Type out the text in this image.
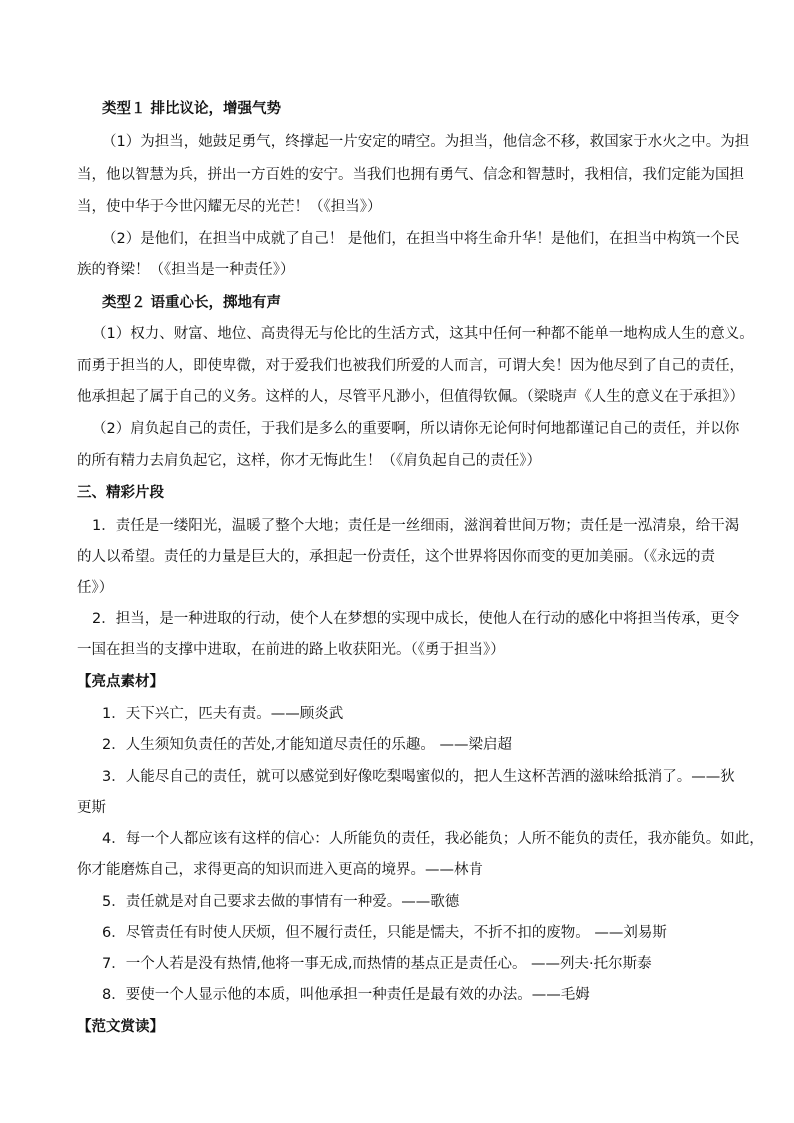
类型１ 排比议论，增强气势
（1）为担当，她鼓足勇气，终撑起一片安定的晴空。为担当，他信念不移，救国家于水火之中。为担
当，他以智慧为兵，拼出一方百姓的安宁。当我们也拥有勇气、信念和智慧时，我相信，我们定能为国担
当，使中华于今世闪耀无尽的光芒！（《担当》）
（2）是他们，在担当中成就了自己！ 是他们，在担当中将生命升华！是他们，在担当中构筑一个民
族的脊梁！（《担当是一种责任》）
类型２ 语重心长，掷地有声
（1）权力、财富、地位、高贵得无与伦比的生活方式，这其中任何一种都不能单一地构成人生的意义。
而勇于担当的人，即使卑微，对于爱我们也被我们所爱的人而言，可谓大矣！因为他尽到了自己的责任，
他承担起了属于自己的义务。这样的人，尽管平凡渺小，但值得钦佩。（梁晓声《人生的意义在于承担》）
（2）肩负起自己的责任，于我们是多么的重要啊，所以请你无论何时何地都谨记自己的责任，并以你
的所有精力去肩负起它，这样，你才无悔此生！（《肩负起自己的责任》）
三、精彩片段
1．责任是一缕阳光，温暖了整个大地；责任是一丝细雨，滋润着世间万物；责任是一泓清泉，给干渴
的人以希望。责任的力量是巨大的，承担起一份责任，这个世界将因你而变的更加美丽。（《永远的责
任》）
2．担当，是一种进取的行动，使个人在梦想的实现中成长，使他人在行动的感化中将担当传承，更令
一国在担当的支撑中进取，在前进的路上收获阳光。（《勇于担当》）
【亮点素材】
1．天下兴亡，匹夫有责。——顾炎武
2．人生须知负责任的苦处,才能知道尽责任的乐趣。 ——梁启超
3．人能尽自己的责任，就可以感觉到好像吃梨喝蜜似的，把人生这杯苦酒的滋味给抵消了。——狄
更斯
4．每一个人都应该有这样的信心：人所能负的责任，我必能负；人所不能负的责任，我亦能负。如此，
你才能磨炼自己，求得更高的知识而进入更高的境界。——林肯
5．责任就是对自己要求去做的事情有一种爱。——歌德
6．尽管责任有时使人厌烦，但不履行责任，只能是懦夫，不折不扣的废物。 ——刘易斯
7．一个人若是没有热情,他将一事无成,而热情的基点正是责任心。 ——列夫·托尔斯泰
8．要使一个人显示他的本质，叫他承担一种责任是最有效的办法。——毛姆
【范文赏读】
